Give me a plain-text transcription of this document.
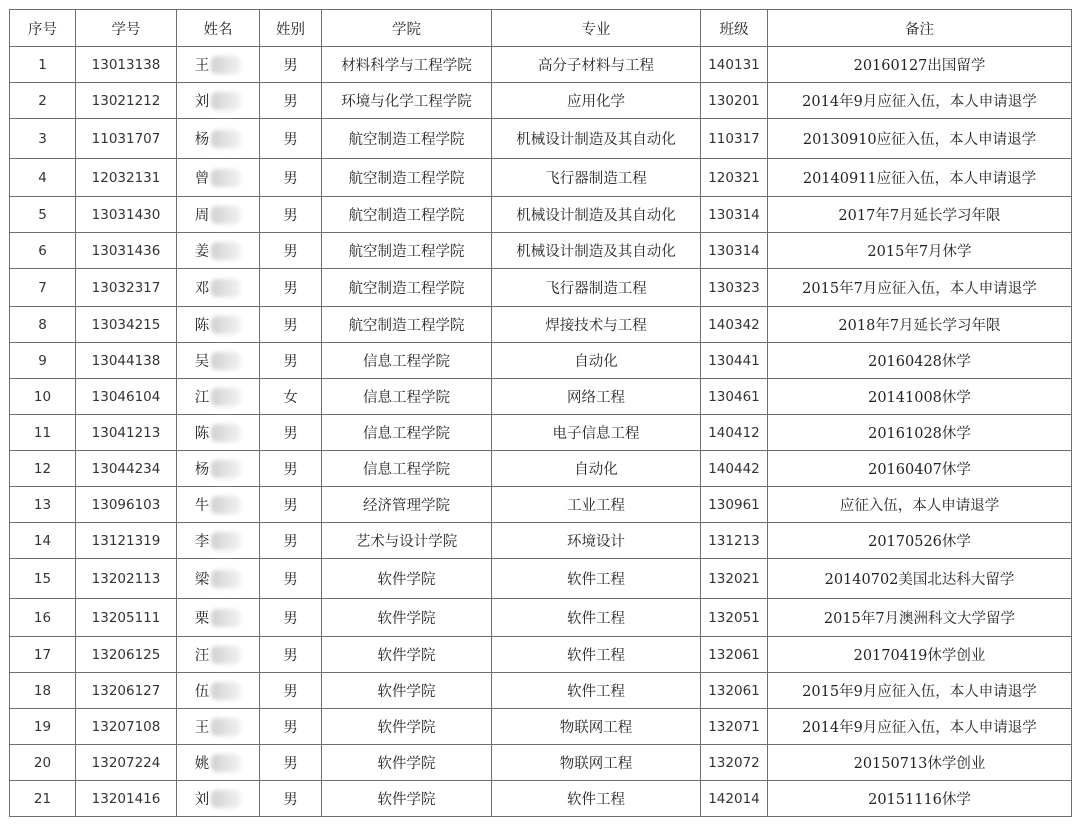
序号	学号	姓名	姓别	学院	专业	班级	备注
1	13013138	王	男	材料科学与工程学院	高分子材料与工程	140131	20160127出国留学
2	13021212	刘	男	环境与化学工程学院	应用化学	130201	2014年9月应征入伍，本人申请退学
3	11031707	杨	男	航空制造工程学院	机械设计制造及其自动化	110317	20130910应征入伍，本人申请退学
4	12032131	曾	男	航空制造工程学院	飞行器制造工程	120321	20140911应征入伍，本人申请退学
5	13031430	周	男	航空制造工程学院	机械设计制造及其自动化	130314	2017年7月延长学习年限
6	13031436	姜	男	航空制造工程学院	机械设计制造及其自动化	130314	2015年7月休学
7	13032317	邓	男	航空制造工程学院	飞行器制造工程	130323	2015年7月应征入伍，本人申请退学
8	13034215	陈	男	航空制造工程学院	焊接技术与工程	140342	2018年7月延长学习年限
9	13044138	吴	男	信息工程学院	自动化	130441	20160428休学
10	13046104	江	女	信息工程学院	网络工程	130461	20141008休学
11	13041213	陈	男	信息工程学院	电子信息工程	140412	20161028休学
12	13044234	杨	男	信息工程学院	自动化	140442	20160407休学
13	13096103	牛	男	经济管理学院	工业工程	130961	应征入伍，本人申请退学
14	13121319	李	男	艺术与设计学院	环境设计	131213	20170526休学
15	13202113	梁	男	软件学院	软件工程	132021	20140702美国北达科大留学
16	13205111	栗	男	软件学院	软件工程	132051	2015年7月澳洲科文大学留学
17	13206125	汪	男	软件学院	软件工程	132061	20170419休学创业
18	13206127	伍	男	软件学院	软件工程	132061	2015年9月应征入伍，本人申请退学
19	13207108	王	男	软件学院	物联网工程	132071	2014年9月应征入伍，本人申请退学
20	13207224	姚	男	软件学院	物联网工程	132072	20150713休学创业
21	13201416	刘	男	软件学院	软件工程	142014	20151116休学
